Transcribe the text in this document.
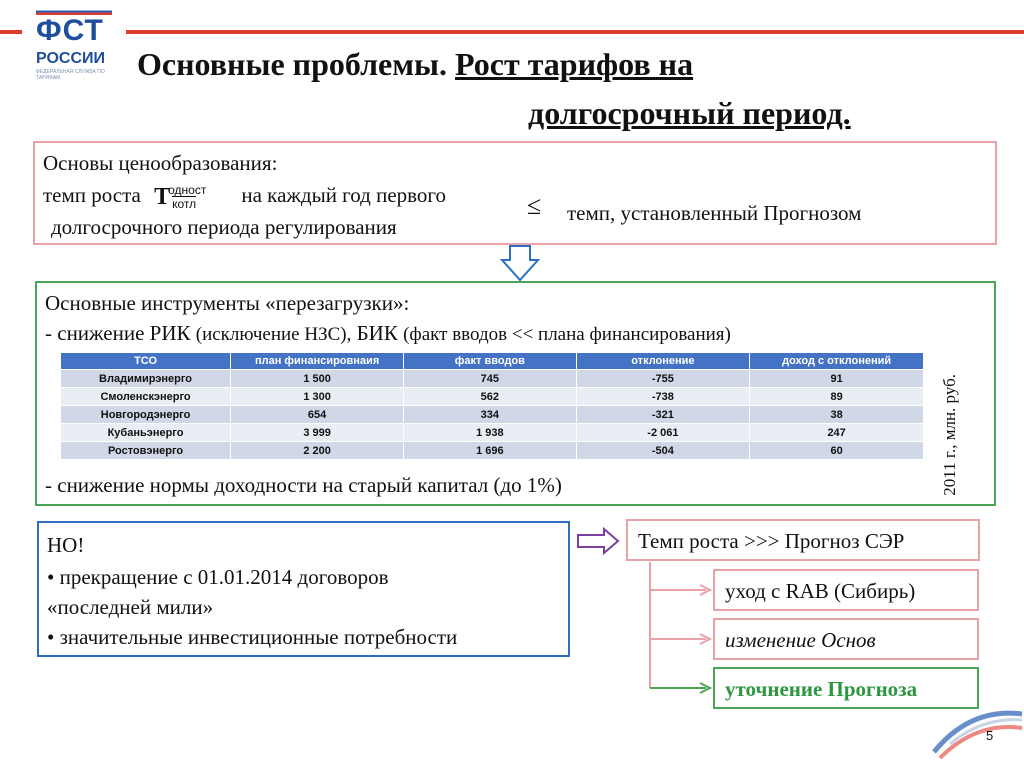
ФСТ
РОССИИ
ФЕДЕРАЛЬНАЯ СЛУЖБА ПО ТАРИФАМ	Основные проблемы. Рост тарифов на
долгосрочный период.
Основы ценообразования:
темп роста Т
одност
котл на каждый год первого
долгосрочного периода регулирования
≤ темп, установленный Прогнозом
Основные инструменты «перезагрузки»:
- снижение РИК (исключение НЗС), БИК (факт вводов << плана финансирования)
- снижение нормы доходности на старый капитал (до 1%)
ТСО	план финансировнаия	факт вводов	отклонение	доход с отклонений
Владимирэнерго	1 500	745	-755	91
Смоленскэнерго	1 300	562	-738	89
Новгородэнерго	654	334	-321	38
Кубаньэнерго	3 999	1 938	-2 061	247
Ростовэнерго	2 200	1 696	-504	60	2011 г., млн. руб.
НО!
• прекращение с 01.01.2014 договоров
«последней мили»
• значительные инвестиционные потребности
Темп роста >>> Прогноз СЭР
уход с RAB (Сибирь)
изменение Основ
уточнение Прогноза
5
